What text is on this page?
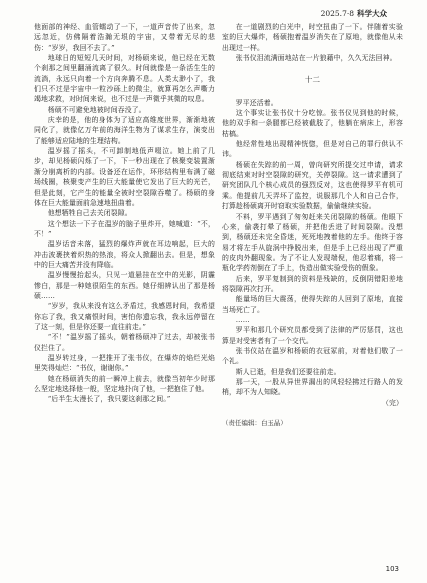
2025.7·8 科学大众

他面部的神经、血管蠕动了一下，一道声音传了出来，忽远忽近，仿佛隔着浩瀚无垠的宇宙，又带着无尽的悲伤：“岁岁，我回不去了。”

地球日的短短几天时间，对杨硕来说，他已经在无数个刹那之间里翻涌流离了很久。时间就像是一条活生生的流淌，永远只向着一个方向奔腾不息。人类太渺小了，我们只不过是宇宙中一粒沙砾上的微尘，就算再怎么声嘶力竭地求救，对时间来说，也不过是一声微乎其微的叹息。

杨硕不可避免地被时间吞没了。

庆幸的是，他的身体为了适应高维度世界，渐渐地被同化了，就像亿万年前的海洋生物为了谋求生存，演变出了能够适应陆地的生理结构。

温岁摇了摇头，不可卸制地低声啜泣。她上前了几步，却见杨硕闪烁了一下，下一秒出现在了核聚变装置渐渐分崩离析的内部。设备还在运作，环形结构里布满了磁场线圈，核聚变产生的巨大能量使它发出了巨大的光芒，但是此刻，它产生的能量全被时空裂隙吞噬了。杨硕的身体在巨大能量面前急速地扭曲着。

他想牺牲自己去关闭裂隙。

这个想法一下子在温岁的脑子里炸开，她喊道：“不，不！”

温岁话音未落，猛烈的爆炸声就在耳边响起，巨大的冲击波裹挟着炽热的热浪，将众人掀翻出去。但是，想象中的巨大痛苦并没有降临。

温岁慢慢抬起头，只见一道悬挂在空中的光影，阴霾惨白，那是一种她很陌生的东西。她仔细辨认出了那是杨硕……

“岁岁，我从来没有这么矛盾过，我感恩时间，我希望你忘了我，我又痛恨时间，害怕你遗忘我，我永远停留在了这一刻，但是你还要一直往前走。”

“不！”温岁摇了摇头，朝着杨硕冲了过去，却被张书仪拦住了。

温岁转过身，一把推开了张书仪，在爆炸的焰烂光焰里笑得灿烂：“书仪，谢谢你。”

她在杨硕消失的前一瞬冲上前去，就像当初年少时那么坚定地选择他一般，坚定地扑向了他，一把抱住了他。

“后半生太漫长了，我只要这刹那之间。”

在一道剧烈的白光中，时空扭曲了一下。伴随着实验室的巨大爆炸，杨硕抱着温岁消失在了原地，就像他从未出现过一样。

张书仪泪流满面地站在一片狼藉中，久久无法回神。

十二

罗平还活着。

这个事实让张书仪十分吃惊。张书仪见到他的时候，他的双手和一条腿都已经被截肢了，他躺在病床上，形容枯槁。

他经常性地出现精神恍惚，但是对自己的罪行供认不讳。

杨硕在失踪的前一周，曾向研究所提交过申请，请求彻底结束对时空裂隙的研究，关停裂隙。这一请求遭到了研究团队几个核心成员的强烈反对，这也使得罗平有机可乘。他提前几天弄坏了监控，说服那几个人和自己合作，打算趁杨硕离开时窃取实验数据，偷偷继续实验。

不料，罗平遇到了匆匆赶来关闭裂隙的杨硕。他眼下心来，偷袭打晕了杨硕，并把他丢进了时间裂隙。没想到，杨硕还未完全昏迷，死死地拽着他的左手。他终于容易才将左手从旋涡中挣脱出来，但是手上已经出现了严重的皮肉外翻现象。为了不让人发现端倪，他忍着痛，将一瓶化学药剂倒在了手上，伪造出做实验受伤的假象。

后来，罗平复制到的资料是残缺的，反倒阴错阳差地将裂隙再次打开。

能量场的巨大震荡，使得失踪的人回到了原地，直接当场死亡了。

……

罗平和那几个研究员都受到了法律的严厉惩罚，这也算是对受害者有了一个交代。

张书仪站在温岁和杨硕的衣冠冢前，对着他们敬了一个礼。

斯人已逝，但是我们还要往前走。

那一天，一股从异世界漏出的风轻轻拂过行路人的发梢，却不为人知晓。

（完）

（责任编辑：白玉晶）

103
